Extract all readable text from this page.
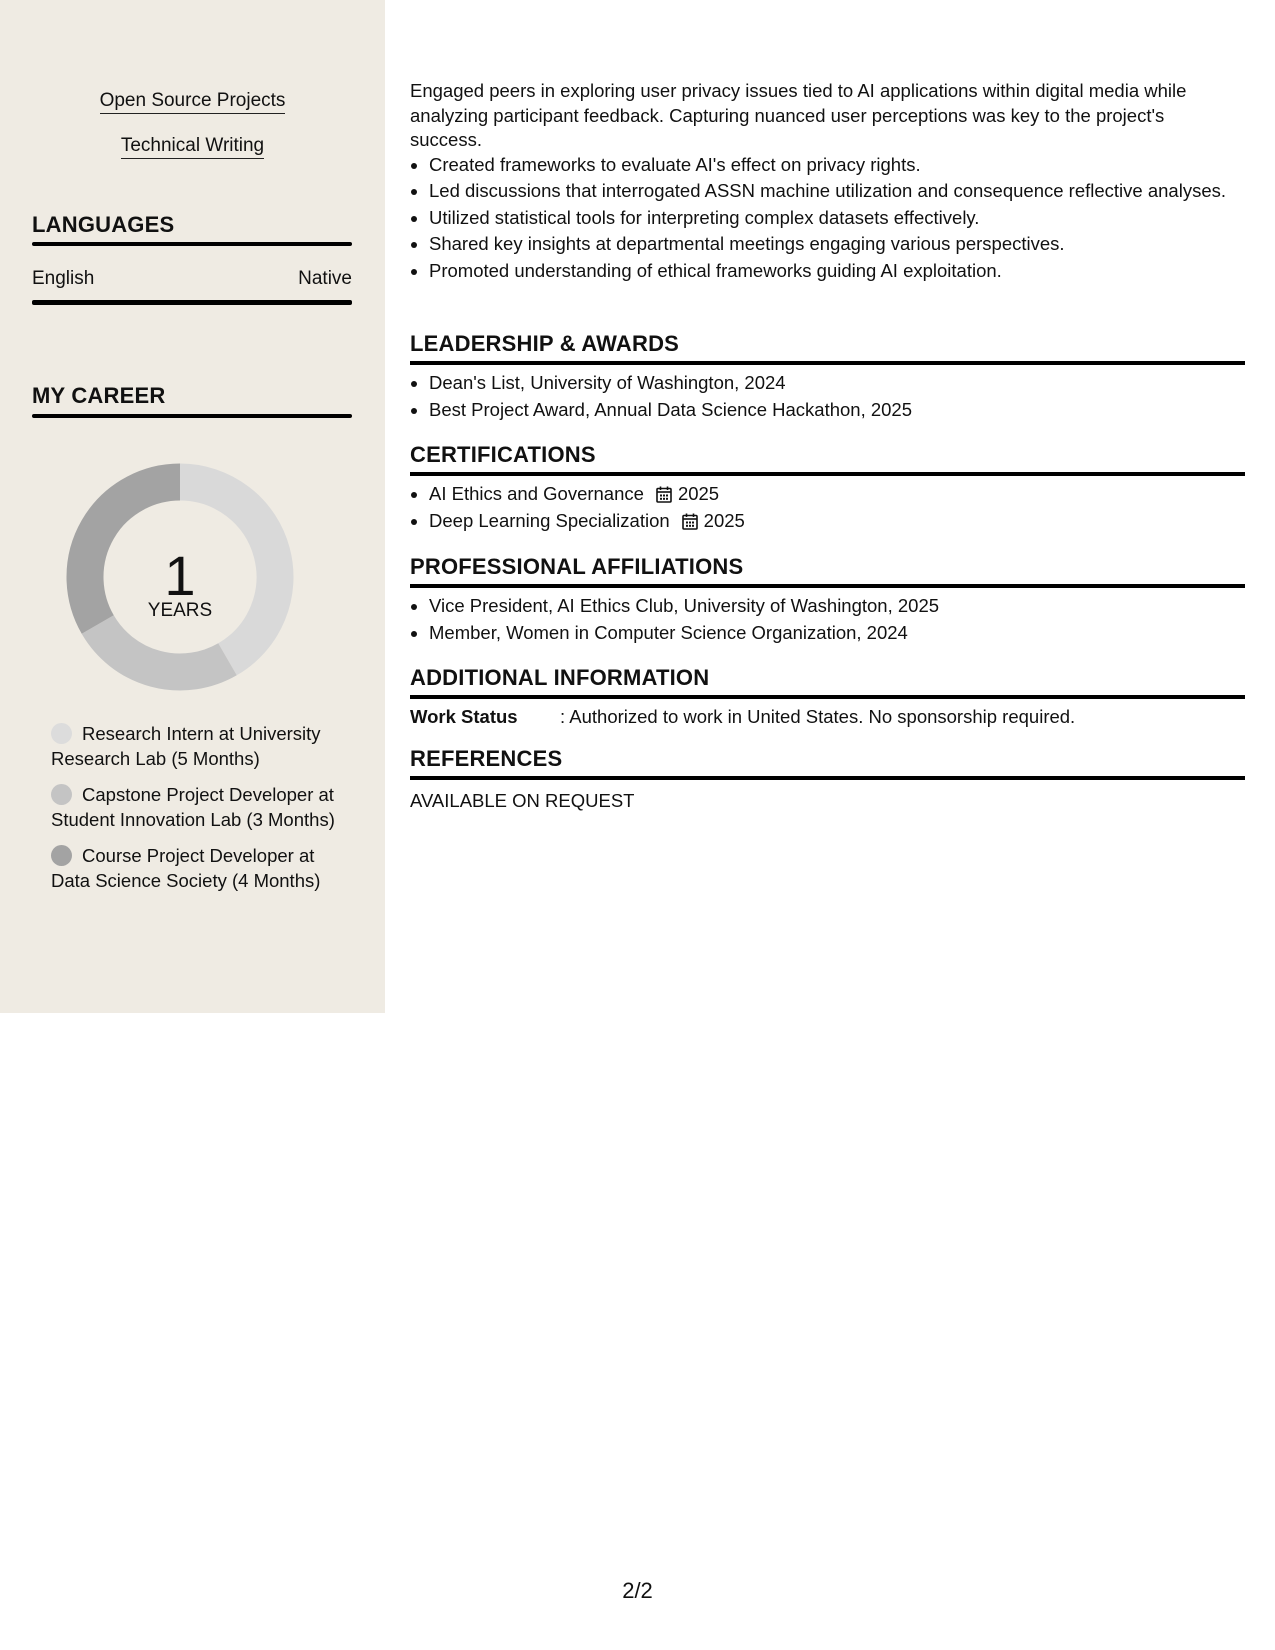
Open Source Projects
Technical Writing
LANGUAGES
English	Native
MY CAREER
1
YEARS
Research Intern at University Research Lab (5 Months)
Capstone Project Developer at Student Innovation Lab (3 Months)
Course Project Developer at Data Science Society (4 Months)
Engaged peers in exploring user privacy issues tied to AI applications within digital media while analyzing participant feedback. Capturing nuanced user perceptions was key to the project's success.
• Created frameworks to evaluate AI's effect on privacy rights.
• Led discussions that interrogated ASSN machine utilization and consequence reflective analyses.
• Utilized statistical tools for interpreting complex datasets effectively.
• Shared key insights at departmental meetings engaging various perspectives.
• Promoted understanding of ethical frameworks guiding AI exploitation.
LEADERSHIP & AWARDS
• Dean's List, University of Washington, 2024
• Best Project Award, Annual Data Science Hackathon, 2025
CERTIFICATIONS
• AI Ethics and Governance 2025
• Deep Learning Specialization 2025
PROFESSIONAL AFFILIATIONS
• Vice President, AI Ethics Club, University of Washington, 2025
• Member, Women in Computer Science Organization, 2024
ADDITIONAL INFORMATION
Work Status	: Authorized to work in United States. No sponsorship required.
REFERENCES
AVAILABLE ON REQUEST
2/2
